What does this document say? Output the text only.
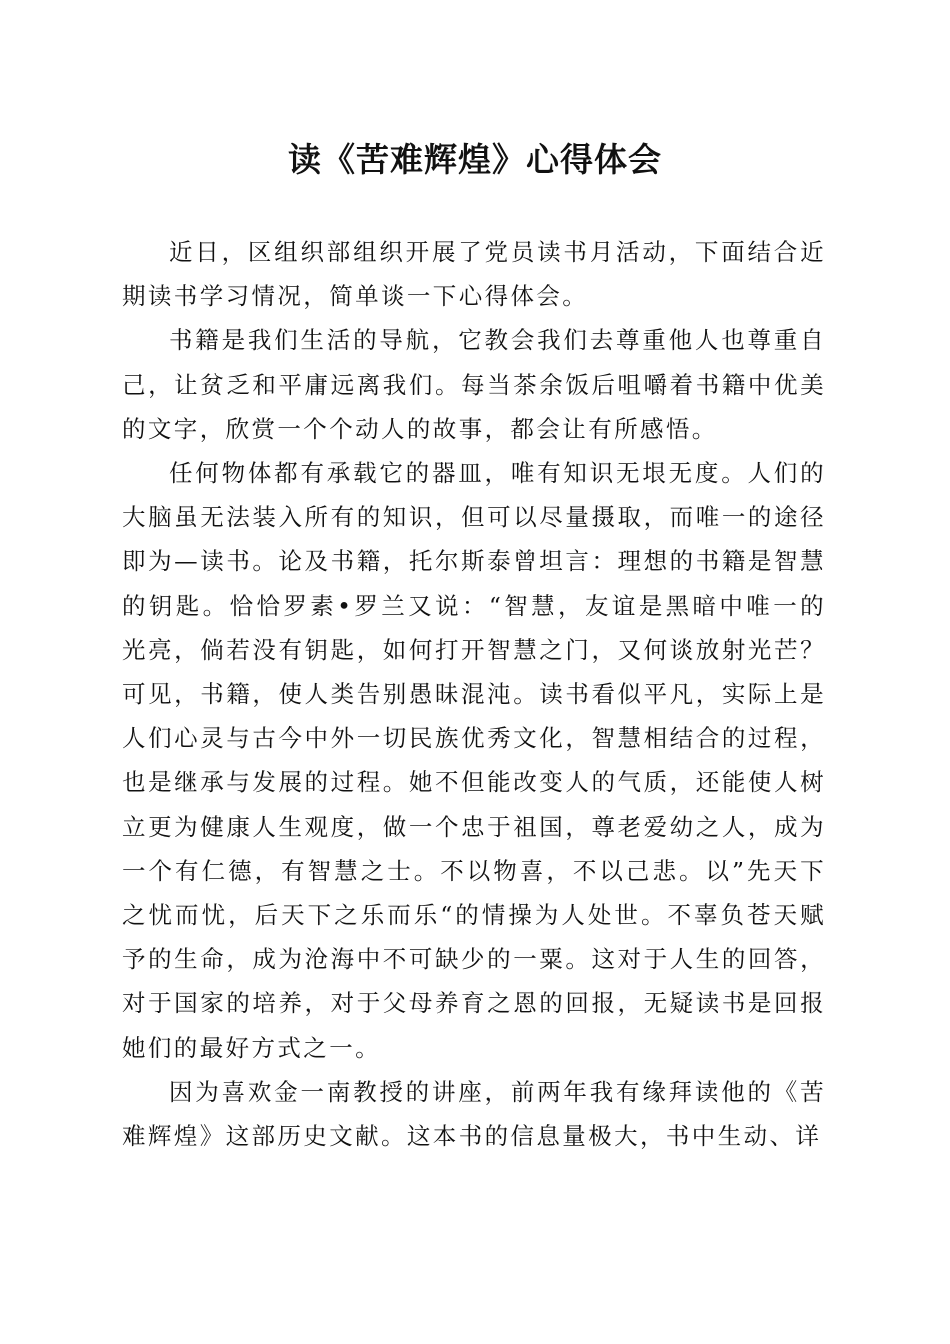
读《苦难辉煌》心得体会

近日，区组织部组织开展了党员读书月活动，下面结合近期读书学习情况，简单谈一下心得体会。

书籍是我们生活的导航，它教会我们去尊重他人也尊重自己，让贫乏和平庸远离我们。每当茶余饭后咀嚼着书籍中优美的文字，欣赏一个个动人的故事，都会让有所感悟。

任何物体都有承载它的器皿，唯有知识无垠无度。人们的大脑虽无法装入所有的知识，但可以尽量摄取，而唯一的途径即为—读书。论及书籍，托尔斯泰曾坦言：理想的书籍是智慧的钥匙。恰恰罗素•罗兰又说：“智慧，友谊是黑暗中唯一的光亮，倘若没有钥匙，如何打开智慧之门，又何谈放射光芒？可见，书籍，使人类告别愚昧混沌。读书看似平凡，实际上是人们心灵与古今中外一切民族优秀文化，智慧相结合的过程，也是继承与发展的过程。她不但能改变人的气质，还能使人树立更为健康人生观度，做一个忠于祖国，尊老爱幼之人，成为一个有仁德，有智慧之士。不以物喜，不以己悲。以”先天下之忧而忧，后天下之乐而乐“的情操为人处世。不辜负苍天赋予的生命，成为沧海中不可缺少的一粟。这对于人生的回答，对于国家的培养，对于父母养育之恩的回报，无疑读书是回报她们的最好方式之一。

因为喜欢金一南教授的讲座，前两年我有缘拜读他的《苦难辉煌》这部历史文献。这本书的信息量极大，书中生动、详
